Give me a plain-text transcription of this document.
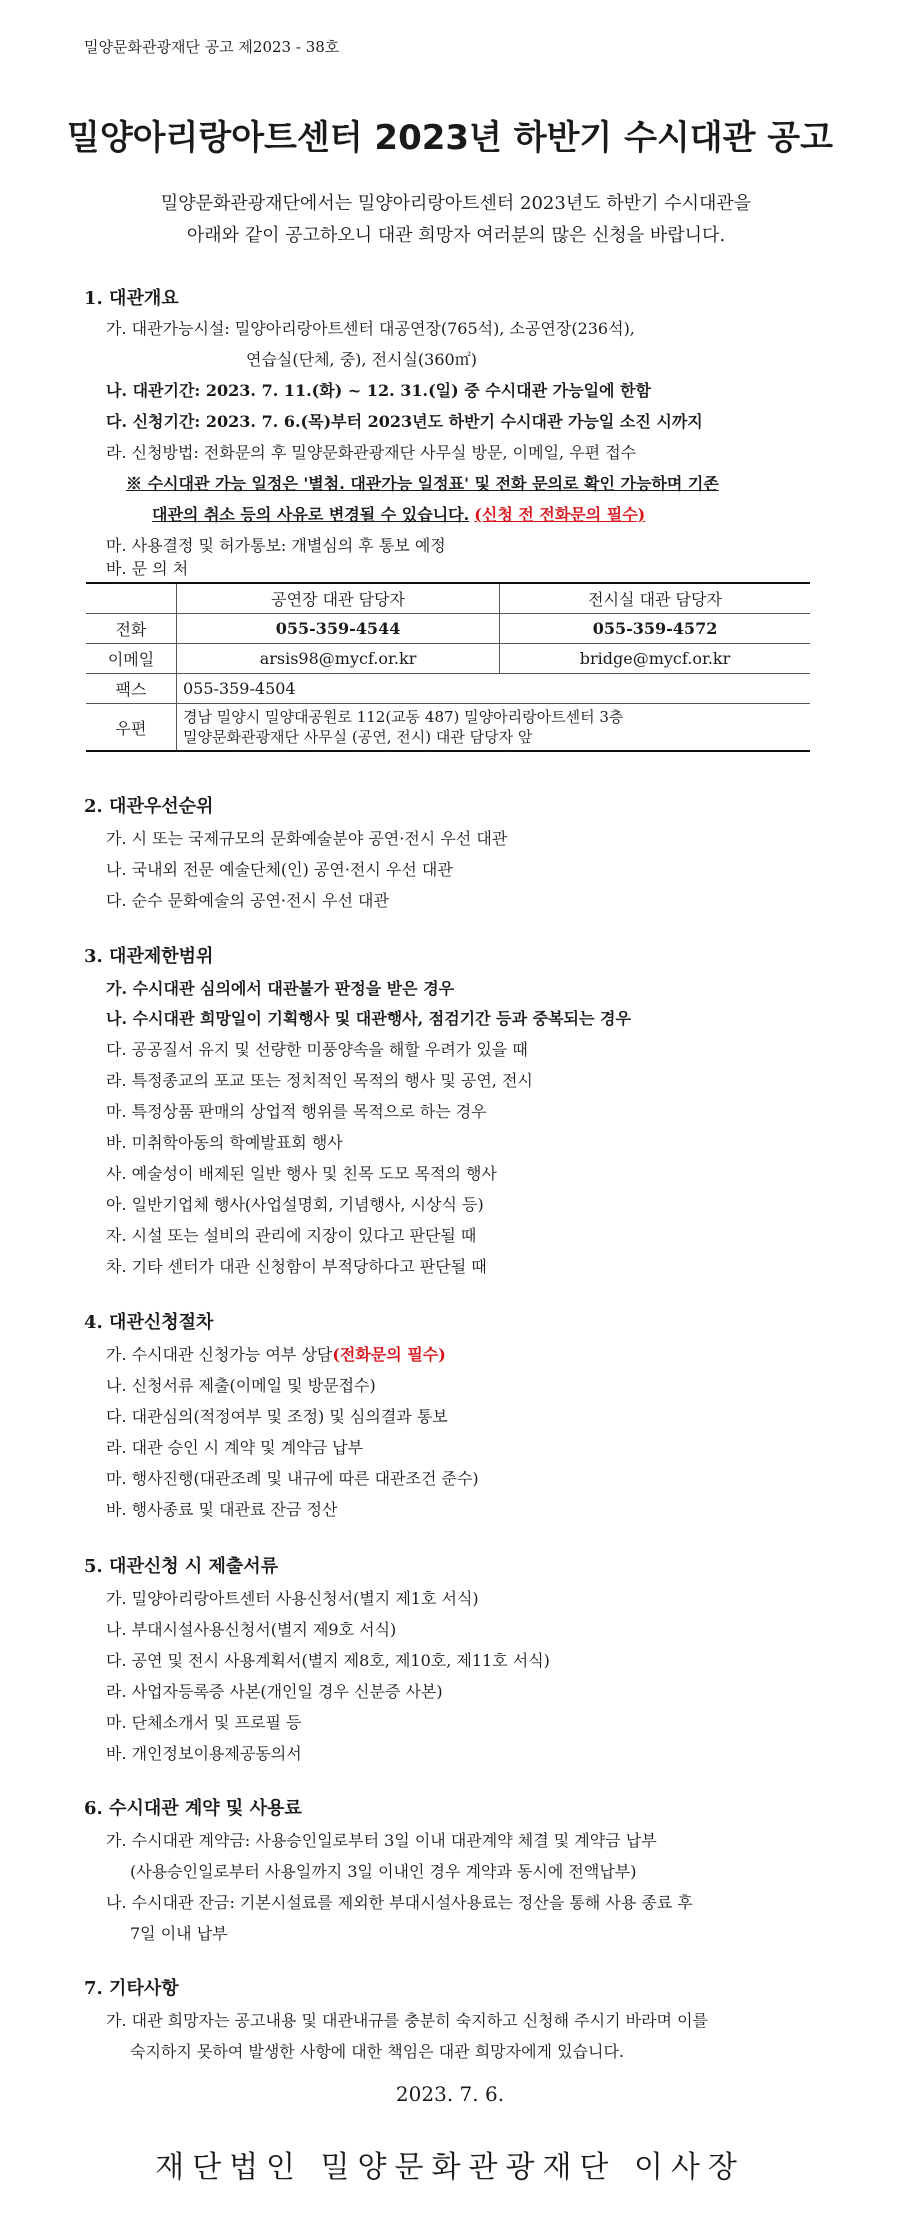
밀양문화관광재단 공고 제2023 - 38호
밀양아리랑아트센터 2023년 하반기 수시대관 공고
밀양문화관광재단에서는 밀양아리랑아트센터 2023년도 하반기 수시대관을
아래와 같이 공고하오니 대관 희망자 여러분의 많은 신청을 바랍니다.
1. 대관개요
가. 대관가능시설: 밀양아리랑아트센터 대공연장(765석), 소공연장(236석),
연습실(단체, 중), 전시실(360㎡)
나. 대관기간: 2023. 7. 11.(화) ~ 12. 31.(일) 중 수시대관 가능일에 한함
다. 신청기간: 2023. 7. 6.(목)부터 2023년도 하반기 수시대관 가능일 소진 시까지
라. 신청방법: 전화문의 후 밀양문화관광재단 사무실 방문, 이메일, 우편 접수
※ 수시대관 가능 일정은 '별첨. 대관가능 일정표' 및 전화 문의로 확인 가능하며 기존
대관의 취소 등의 사유로 변경될 수 있습니다. (신청 전 전화문의 필수)
마. 사용결정 및 허가통보: 개별심의 후 통보 예정
바. 문 의 처
	공연장 대관 담당자	전시실 대관 담당자
전화	055-359-4544	055-359-4572
이메일	arsis98@mycf.or.kr	bridge@mycf.or.kr
팩스	055-359-4504	
우편	경남 밀양시 밀양대공원로 112(교동 487) 밀양아리랑아트센터 3층
밀양문화관광재단 사무실 (공연, 전시) 대관 담당자 앞	
2. 대관우선순위
가. 시 또는 국제규모의 문화예술분야 공연·전시 우선 대관
나. 국내외 전문 예술단체(인) 공연·전시 우선 대관
다. 순수 문화예술의 공연·전시 우선 대관
3. 대관제한범위
가. 수시대관 심의에서 대관불가 판정을 받은 경우
나. 수시대관 희망일이 기획행사 및 대관행사, 점검기간 등과 중복되는 경우
다. 공공질서 유지 및 선량한 미풍양속을 해할 우려가 있을 때
라. 특정종교의 포교 또는 정치적인 목적의 행사 및 공연, 전시
마. 특정상품 판매의 상업적 행위를 목적으로 하는 경우
바. 미취학아동의 학예발표회 행사
사. 예술성이 배제된 일반 행사 및 친목 도모 목적의 행사
아. 일반기업체 행사(사업설명회, 기념행사, 시상식 등)
자. 시설 또는 설비의 관리에 지장이 있다고 판단될 때
차. 기타 센터가 대관 신청함이 부적당하다고 판단될 때
4. 대관신청절차
가. 수시대관 신청가능 여부 상담(전화문의 필수)
나. 신청서류 제출(이메일 및 방문접수)
다. 대관심의(적정여부 및 조정) 및 심의결과 통보
라. 대관 승인 시 계약 및 계약금 납부
마. 행사진행(대관조례 및 내규에 따른 대관조건 준수)
바. 행사종료 및 대관료 잔금 정산
5. 대관신청 시 제출서류
가. 밀양아리랑아트센터 사용신청서(별지 제1호 서식)
나. 부대시설사용신청서(별지 제9호 서식)
다. 공연 및 전시 사용계획서(별지 제8호, 제10호, 제11호 서식)
라. 사업자등록증 사본(개인일 경우 신분증 사본)
마. 단체소개서 및 프로필 등
바. 개인정보이용제공동의서
6. 수시대관 계약 및 사용료
가. 수시대관 계약금: 사용승인일로부터 3일 이내 대관계약 체결 및 계약금 납부
(사용승인일로부터 사용일까지 3일 이내인 경우 계약과 동시에 전액납부)
나. 수시대관 잔금: 기본시설료를 제외한 부대시설사용료는 정산을 통해 사용 종료 후
7일 이내 납부
7. 기타사항
가. 대관 희망자는 공고내용 및 대관내규를 충분히 숙지하고 신청해 주시기 바라며 이를
숙지하지 못하여 발생한 사항에 대한 책임은 대관 희망자에게 있습니다.
2023. 7. 6.
재단법인 밀양문화관광재단 이사장
